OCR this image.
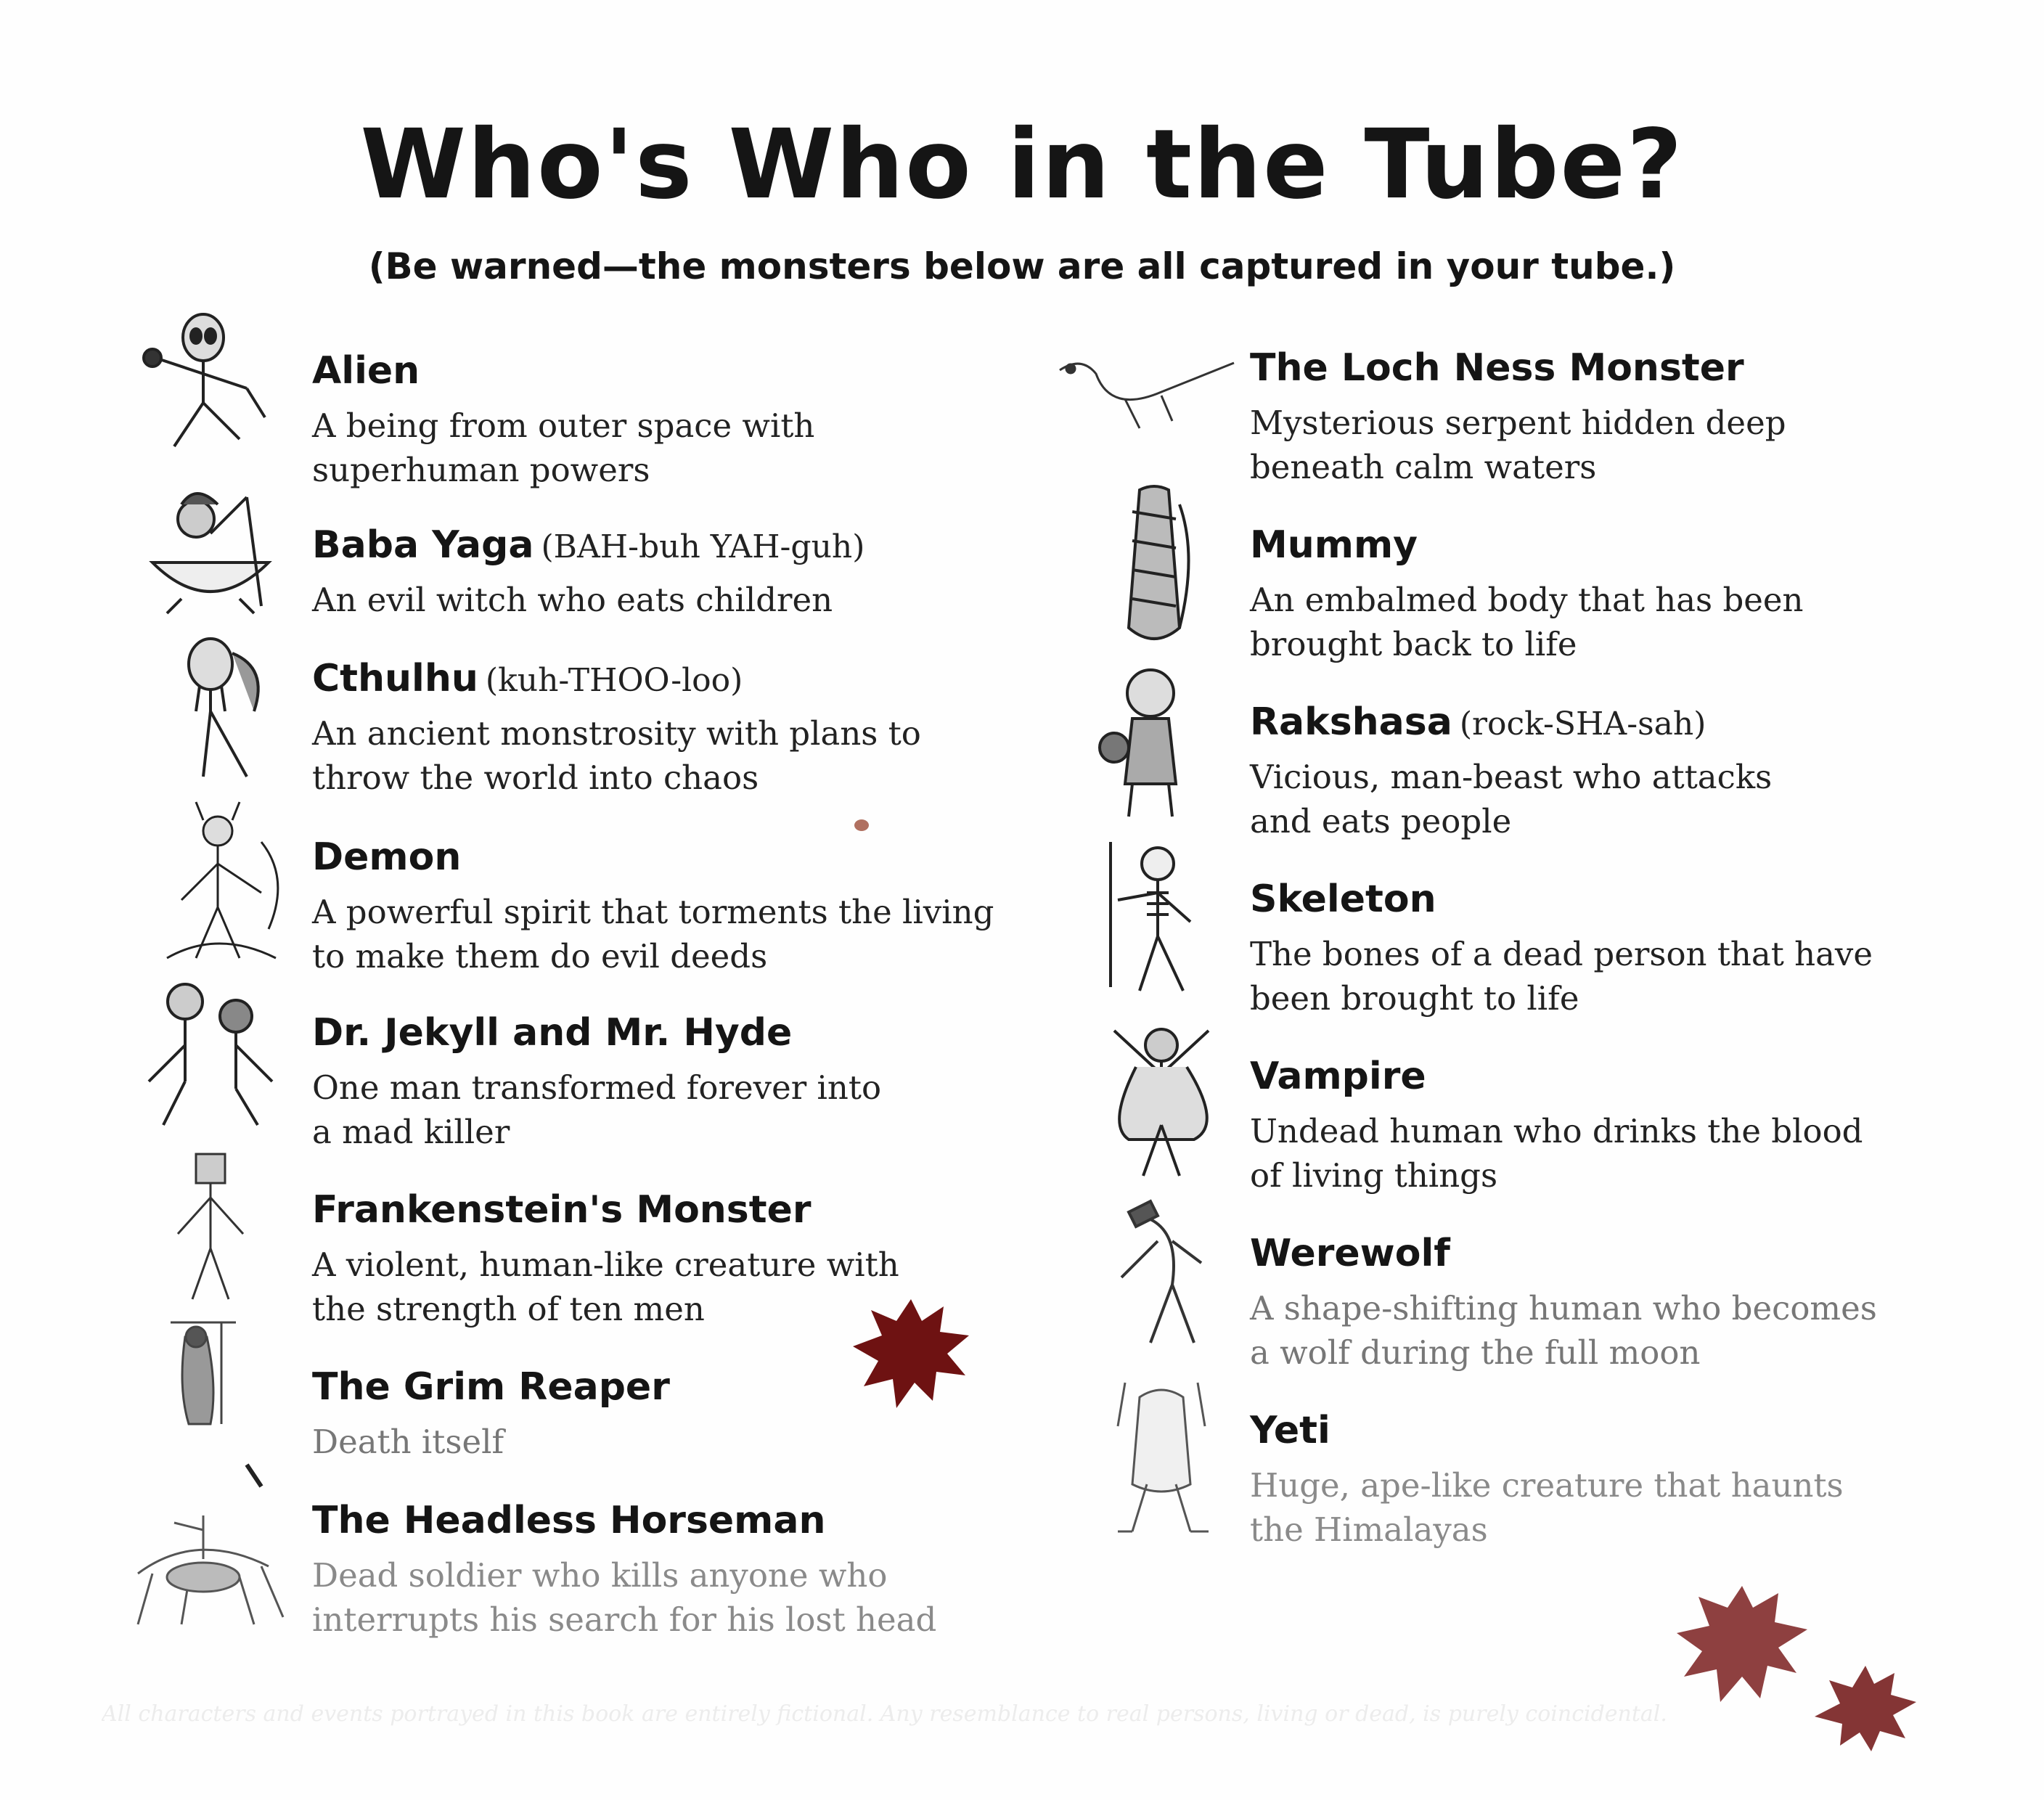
Who's Who in the Tube?
(Be warned—the monsters below are all captured in your tube.)
Alien
A being from outer space with
superhuman powers
Baba Yaga (BAH-buh YAH-guh)
An evil witch who eats children
Cthulhu (kuh-THOO-loo)
An ancient monstrosity with plans to
throw the world into chaos
Demon
A powerful spirit that torments the living
to make them do evil deeds
Dr. Jekyll and Mr. Hyde
One man transformed forever into
a mad killer
Frankenstein's Monster
A violent, human-like creature with
the strength of ten men
The Grim Reaper
Death itself
The Headless Horseman
Dead soldier who kills anyone who
interrupts his search for his lost head
The Loch Ness Monster
Mysterious serpent hidden deep
beneath calm waters
Mummy
An embalmed body that has been
brought back to life
Rakshasa (rock-SHA-sah)
Vicious, man-beast who attacks
and eats people
Skeleton
The bones of a dead person that have
been brought to life
Vampire
Undead human who drinks the blood
of living things
Werewolf
A shape-shifting human who becomes
a wolf during the full moon
Yeti
Huge, ape-like creature that haunts
the Himalayas
All characters and events portrayed in this book are entirely fictional. Any resemblance to real persons, living or dead, is purely coincidental.
